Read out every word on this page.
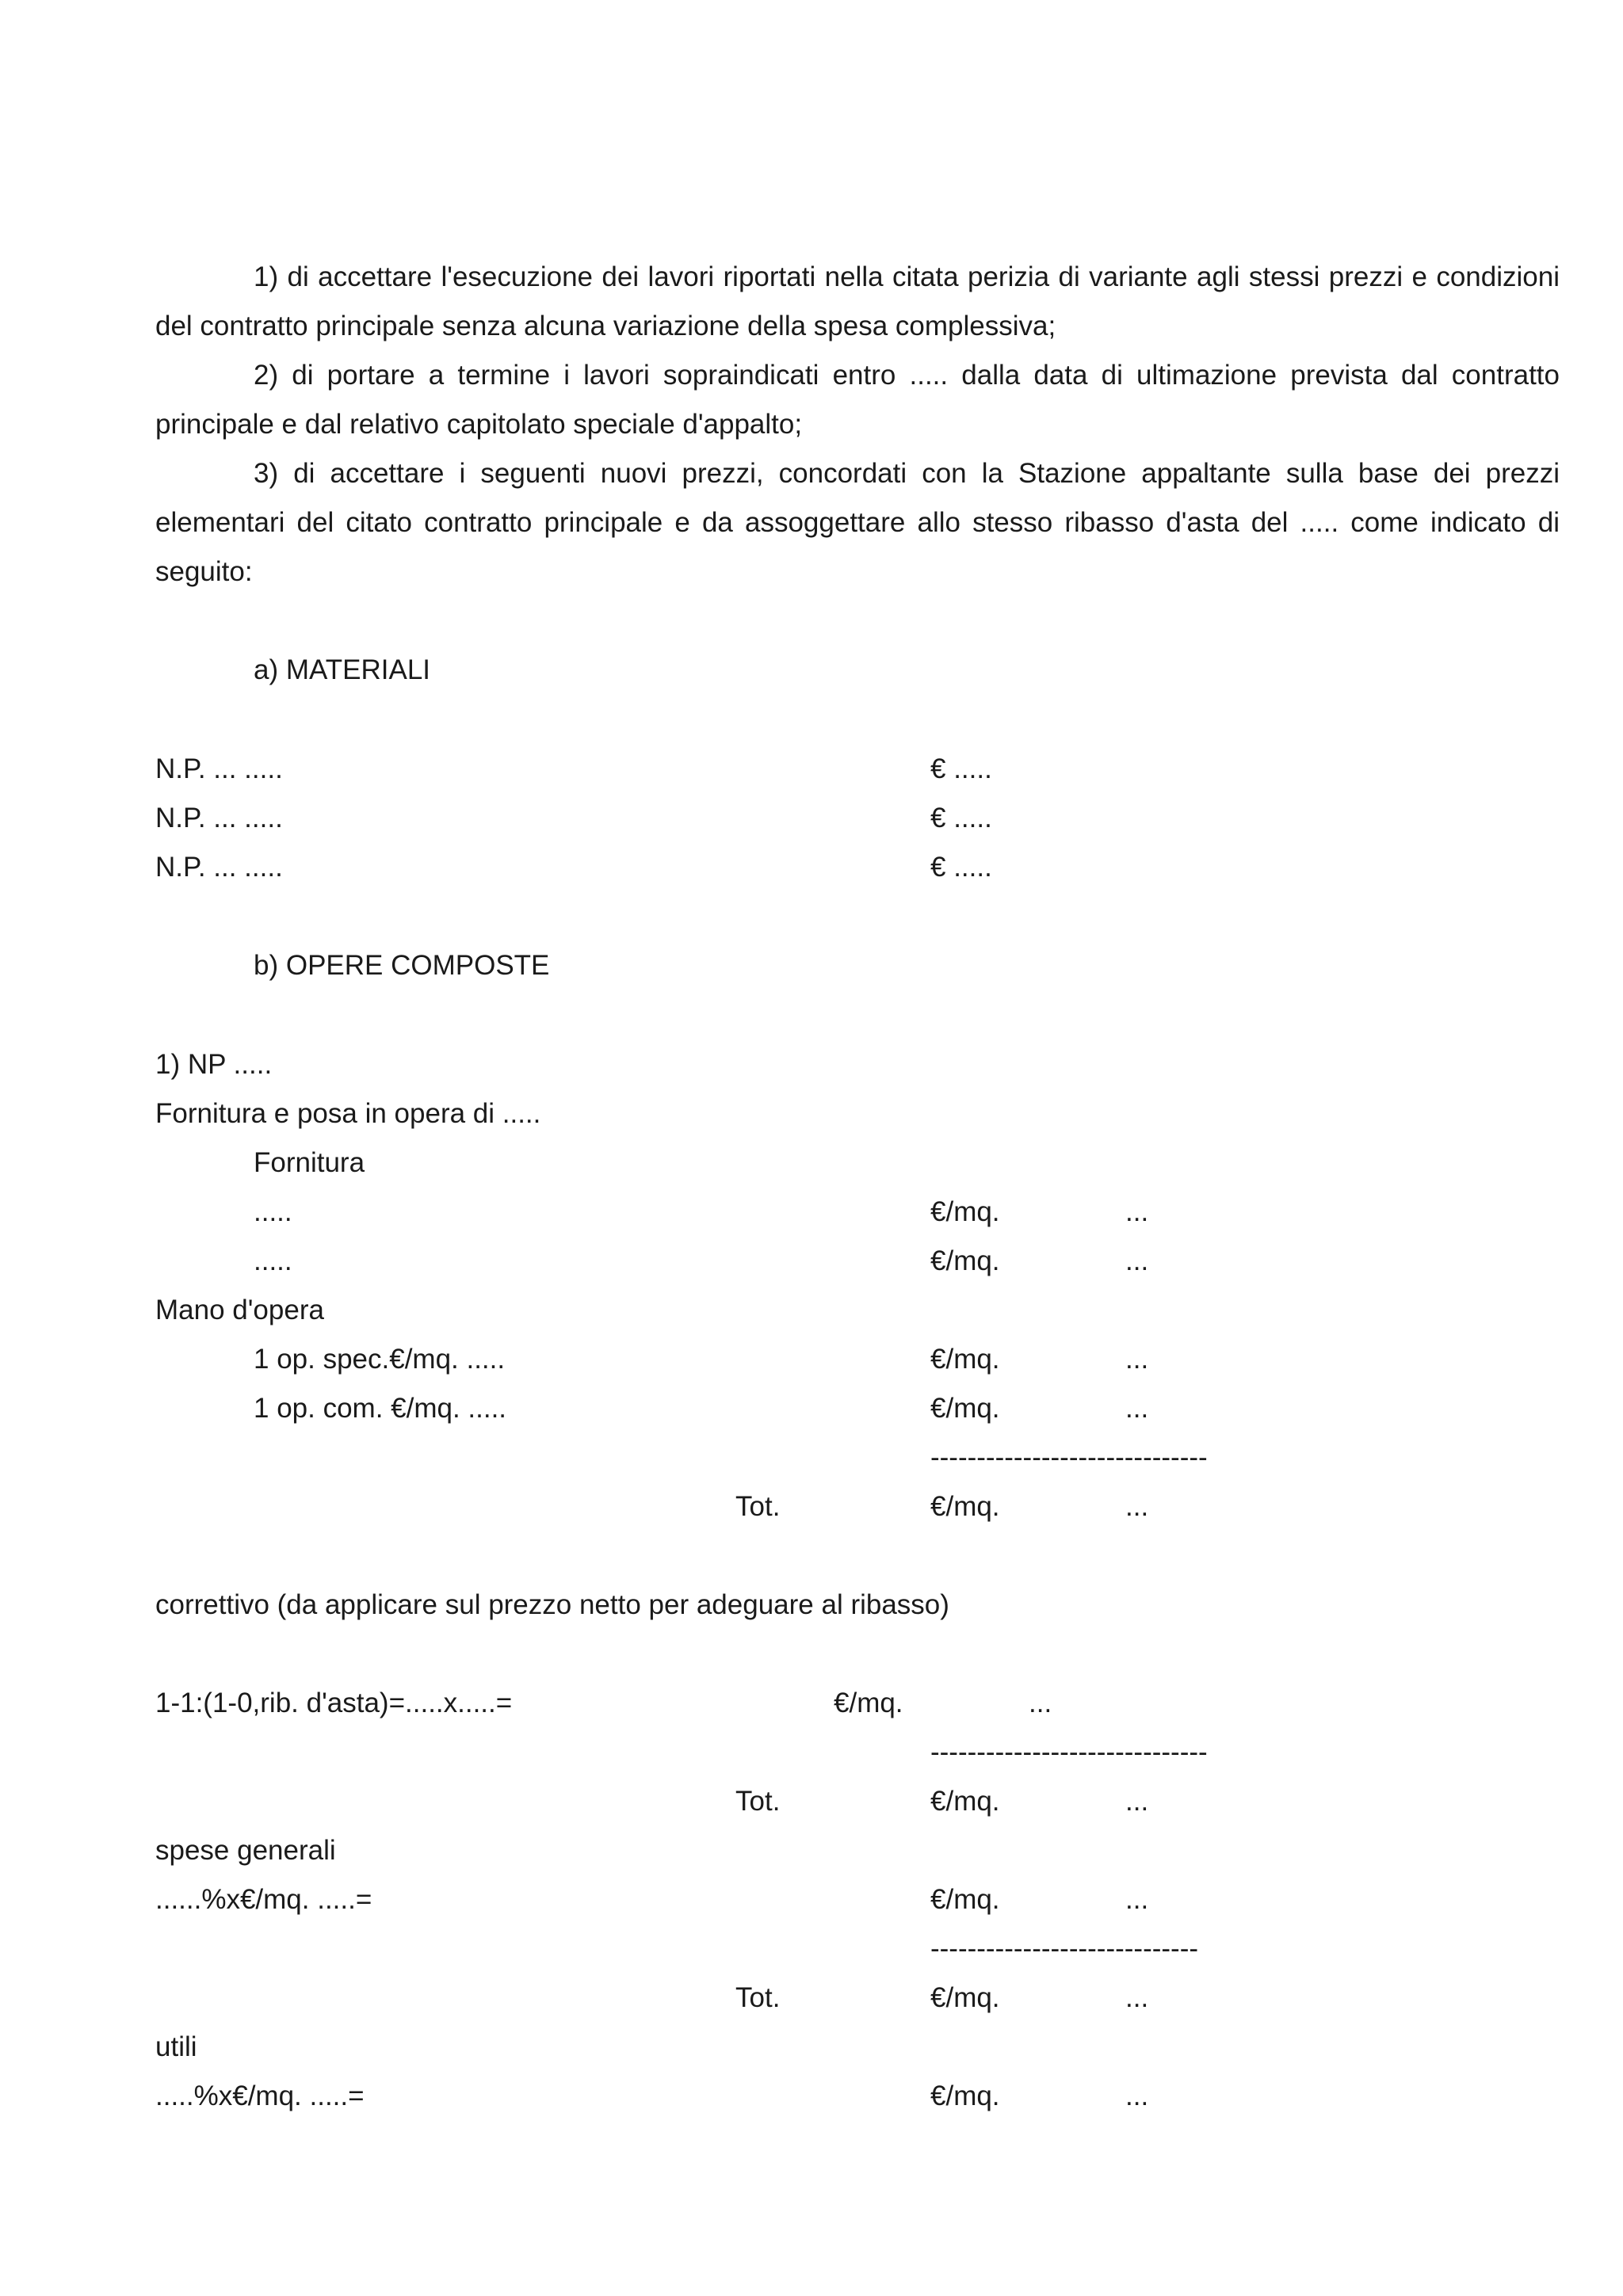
1) di accettare l'esecuzione dei lavori riportati nella citata perizia di variante agli stessi prezzi e condizioni del contratto principale senza alcuna variazione della spesa complessiva;

2) di portare a termine i lavori sopraindicati entro ..... dalla data di ultimazione prevista dal contratto principale e dal relativo capitolato speciale d'appalto;

3) di accettare i seguenti nuovi prezzi, concordati con la Stazione appaltante sulla base dei prezzi elementari del citato contratto principale e da assoggettare allo stesso ribasso d'asta del ..... come indicato di seguito:

a) MATERIALI
N.P. ... .....	€ .....
N.P. ... .....	€ .....
N.P. ... .....	€ .....
b) OPERE COMPOSTE
1) NP .....
Fornitura e posa in opera di .....
Fornitura
.....	€/mq.	...
.....	€/mq.	...
Mano d'opera
1 op. spec.€/mq. .....	€/mq.	...
1 op. com. €/mq. .....	€/mq.	...
------------------------------
Tot.	€/mq.	...
correttivo (da applicare sul prezzo netto per adeguare al ribasso)
1-1:(1-0,rib. d'asta)=.....x.....=	€/mq.	...
------------------------------
Tot.	€/mq.	...
spese generali
......%x€/mq. .....=	€/mq.	...
-----------------------------
Tot.	€/mq.	...
utili
.....%x€/mq. .....=	€/mq.	...
